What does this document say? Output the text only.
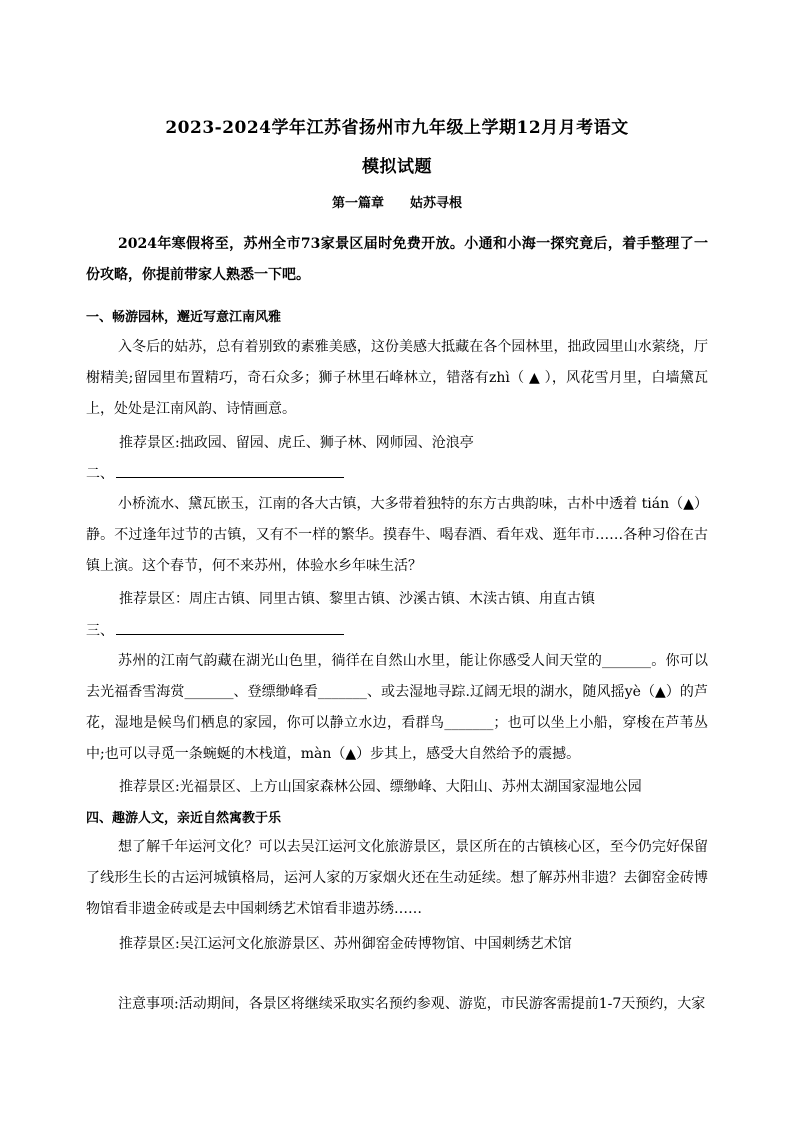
2023-2024学年江苏省扬州市九年级上学期12月月考语文
模拟试题
第一篇章 姑苏寻根
2024年寒假将至，苏州全市73家景区届时免费开放。小通和小海一探究竟后，着手整理了一份攻略，你提前带家人熟悉一下吧。
一、畅游园林，邂近写意江南风雅
入冬后的姑苏，总有着别致的素雅美感，这份美感大抵藏在各个园林里，拙政园里山水萦绕，厅榭精美;留园里布置精巧，奇石众多；狮子林里石峰林立，错落有zhì（ ▲ ），风花雪月里，白墙黛瓦上，处处是江南风韵、诗情画意。
推荐景区:拙政园、留园、虎丘、狮子林、网师园、沧浪亭
二、
小桥流水、黛瓦嵌玉，江南的各大古镇，大多带着独特的东方古典韵味，古朴中透着 tián（▲）静。不过逢年过节的古镇，又有不一样的繁华。摸春牛、喝春酒、看年戏、逛年市……各种习俗在古镇上演。这个春节，何不来苏州，体验水乡年味生活？
推荐景区：周庄古镇、同里古镇、黎里古镇、沙溪古镇、木渎古镇、甪直古镇
三、
苏州的江南气韵藏在湖光山色里，徜徉在自然山水里，能让你感受人间天堂的_______。你可以去光福香雪海赏_______、登缥缈峰看_______、或去湿地寻踪.辽阔无垠的湖水，随风摇yè（▲）的芦花，湿地是候鸟们栖息的家园，你可以静立水边，看群鸟_______；也可以坐上小船，穿梭在芦苇丛中;也可以寻觅一条蜿蜒的木栈道，màn（▲）步其上，感受大自然给予的震撼。
推荐景区:光福景区、上方山国家森林公园、缥缈峰、大阳山、苏州太湖国家湿地公园
四、趣游人文，亲近自然寓教于乐
想了解千年运河文化？可以去吴江运河文化旅游景区，景区所在的古镇核心区，至今仍完好保留了线形生长的古运河城镇格局，运河人家的万家烟火还在生动延续。想了解苏州非遗？去御窑金砖博物馆看非遗金砖或是去中国刺绣艺术馆看非遗苏绣……
推荐景区:吴江运河文化旅游景区、苏州御窑金砖博物馆、中国刺绣艺术馆
注意事项:活动期间，各景区将继续采取实名预约参观、游览，市民游客需提前1-7天预约，大家
